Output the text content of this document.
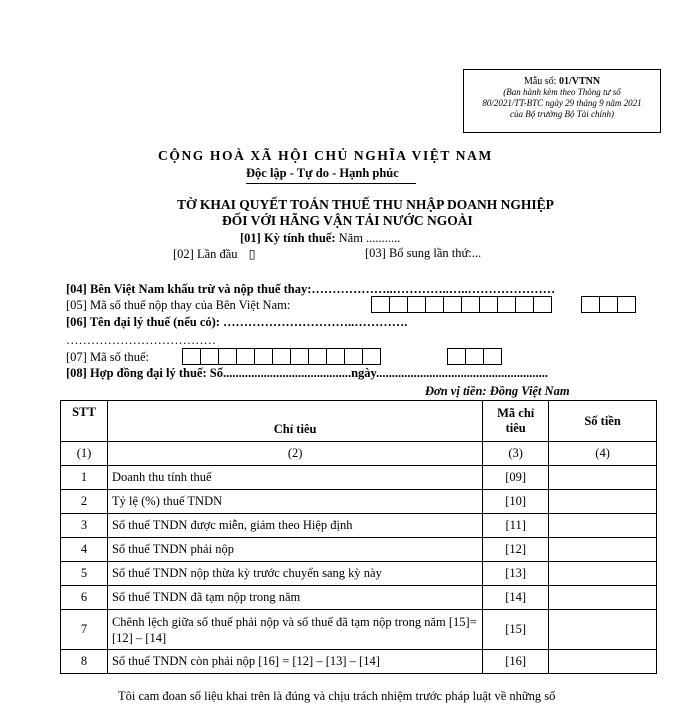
Mẫu số: 01/VTNN
(Ban hành kèm theo Thông tư số
80/2021/TT-BTC ngày 29 tháng 9 năm 2021
của Bộ trưởng Bộ Tài chính)
CỘNG HOÀ XÃ HỘI CHỦ NGHĨA VIỆT NAM
Độc lập - Tự do - Hạnh phúc
TỜ KHAI QUYẾT TOÁN THUẾ THU NHẬP DOANH NGHIỆP
ĐỐI VỚI HÃNG VẬN TẢI NƯỚC NGOÀI
[01] Kỳ tính thuế: Năm ...........
[02] Lần đầu ▯	[03] Bổ sung lần thứ:...
[04] Bên Việt Nam khấu trừ và nộp thuế thay:………………..…………..…..…………………
[05] Mã số thuế nộp thay của Bên Việt Nam:
[06] Tên đại lý thuế (nếu có): …………………………..………….
………………………………
[07] Mã số thuế:
[08] Hợp đồng đại lý thuế: Số.........................................ngày.......................................................
Đơn vị tiền: Đồng Việt Nam
STT	Chỉ tiêu	Mã chỉ tiêu	Số tiền
(1)	(2)	(3)	(4)
1	Doanh thu tính thuế	[09]	
2	Tỷ lệ (%) thuế TNDN	[10]	
3	Số thuế TNDN được miễn, giảm theo Hiệp định	[11]	
4	Số thuế TNDN phải nộp	[12]	
5	Số thuế TNDN nộp thừa kỳ trước chuyển sang kỳ này	[13]	
6	Số thuế TNDN đã tạm nộp trong năm	[14]	
7	Chênh lệch giữa số thuế phải nộp và số thuế đã tạm nộp trong năm [15]=[12] – [14]	[15]	
8	Số thuế TNDN còn phải nộp [16] = [12] – [13] – [14]	[16]	
Tôi cam đoan số liệu khai trên là đúng và chịu trách nhiệm trước pháp luật về những số
